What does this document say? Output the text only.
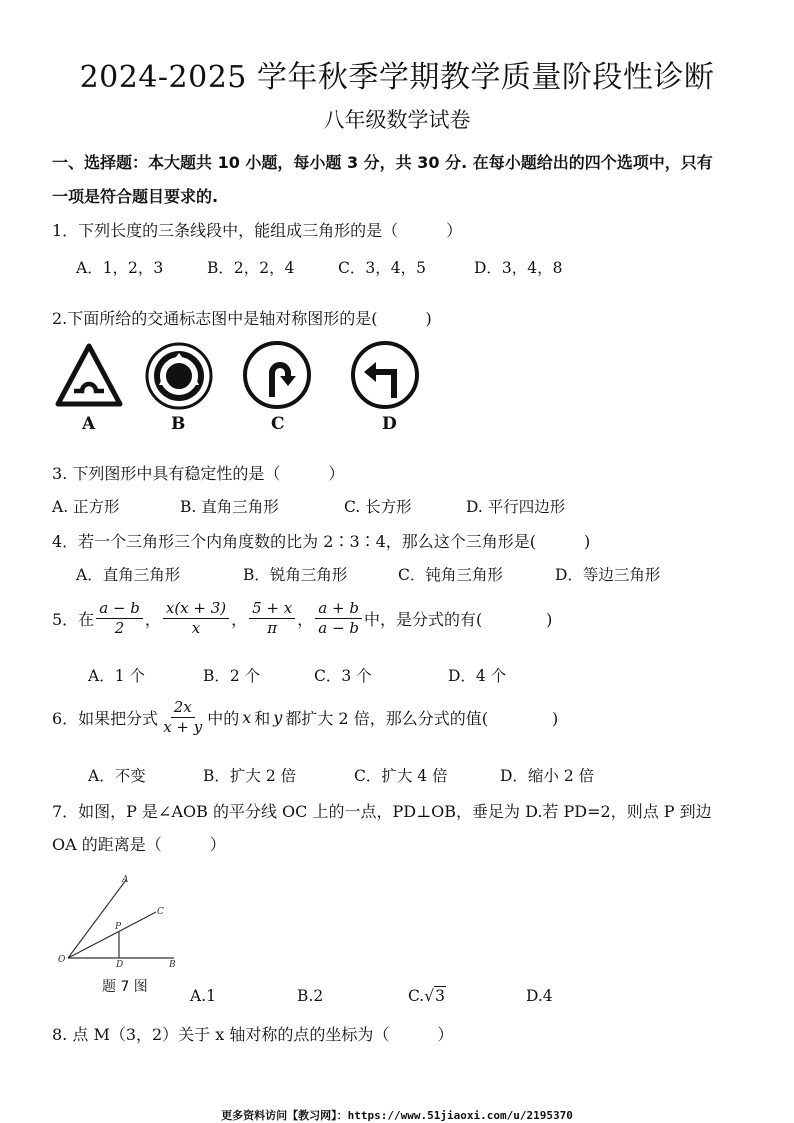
2024-2025 学年秋季学期教学质量阶段性诊断
八年级数学试卷
一、选择题：本大题共 10 小题，每小题 3 分，共 30 分. 在每小题给出的四个选项中，只有
一项是符合题目要求的.
1．下列长度的三条线段中，能组成三角形的是（　　　）
A．1，2，3	B．2，2，4	C．3，4，5	D．3，4，8
2.下面所给的交通标志图中是轴对称图形的是(　　　)
A	B	C	D
3. 下列图形中具有稳定性的是（　　　）
A. 正方形	B. 直角三角形	C. 长方形	D. 平行四边形
4．若一个三角形三个内角度数的比为 2∶3∶4，那么这个三角形是(　　　)
A．直角三角形	B．锐角三角形	C．钝角三角形	D．等边三角形
5．在 $\frac{a - b}{2}$ ， $\frac{x(x + 3)}{x}$ ， $\frac{5 + x}{\pi}$ ， $\frac{a + b}{a - b}$ 中，是分式的有(　　　　)
A．1 个	B．2 个	C．3 个	D．4 个
6．如果把分式 $\frac{2x}{x + y}$ 中的 x 和 y 都扩大 2 倍，那么分式的值(　　　　)
A．不变	B．扩大 2 倍	C．扩大 4 倍	D．缩小 2 倍
7．如图，P 是∠AOB 的平分线 OC 上的一点，PD⊥OB，垂足为 D.若 PD=2，则点 P 到边
OA 的距离是（　　　）
A
C
P
O	D	B
题 7 图	A.1	B.2	C.√3	D.4
8. 点 M（3，2）关于 x 轴对称的点的坐标为（　　　）
更多资料访问【教习网】：https://www.51jiaoxi.com/u/2195370
